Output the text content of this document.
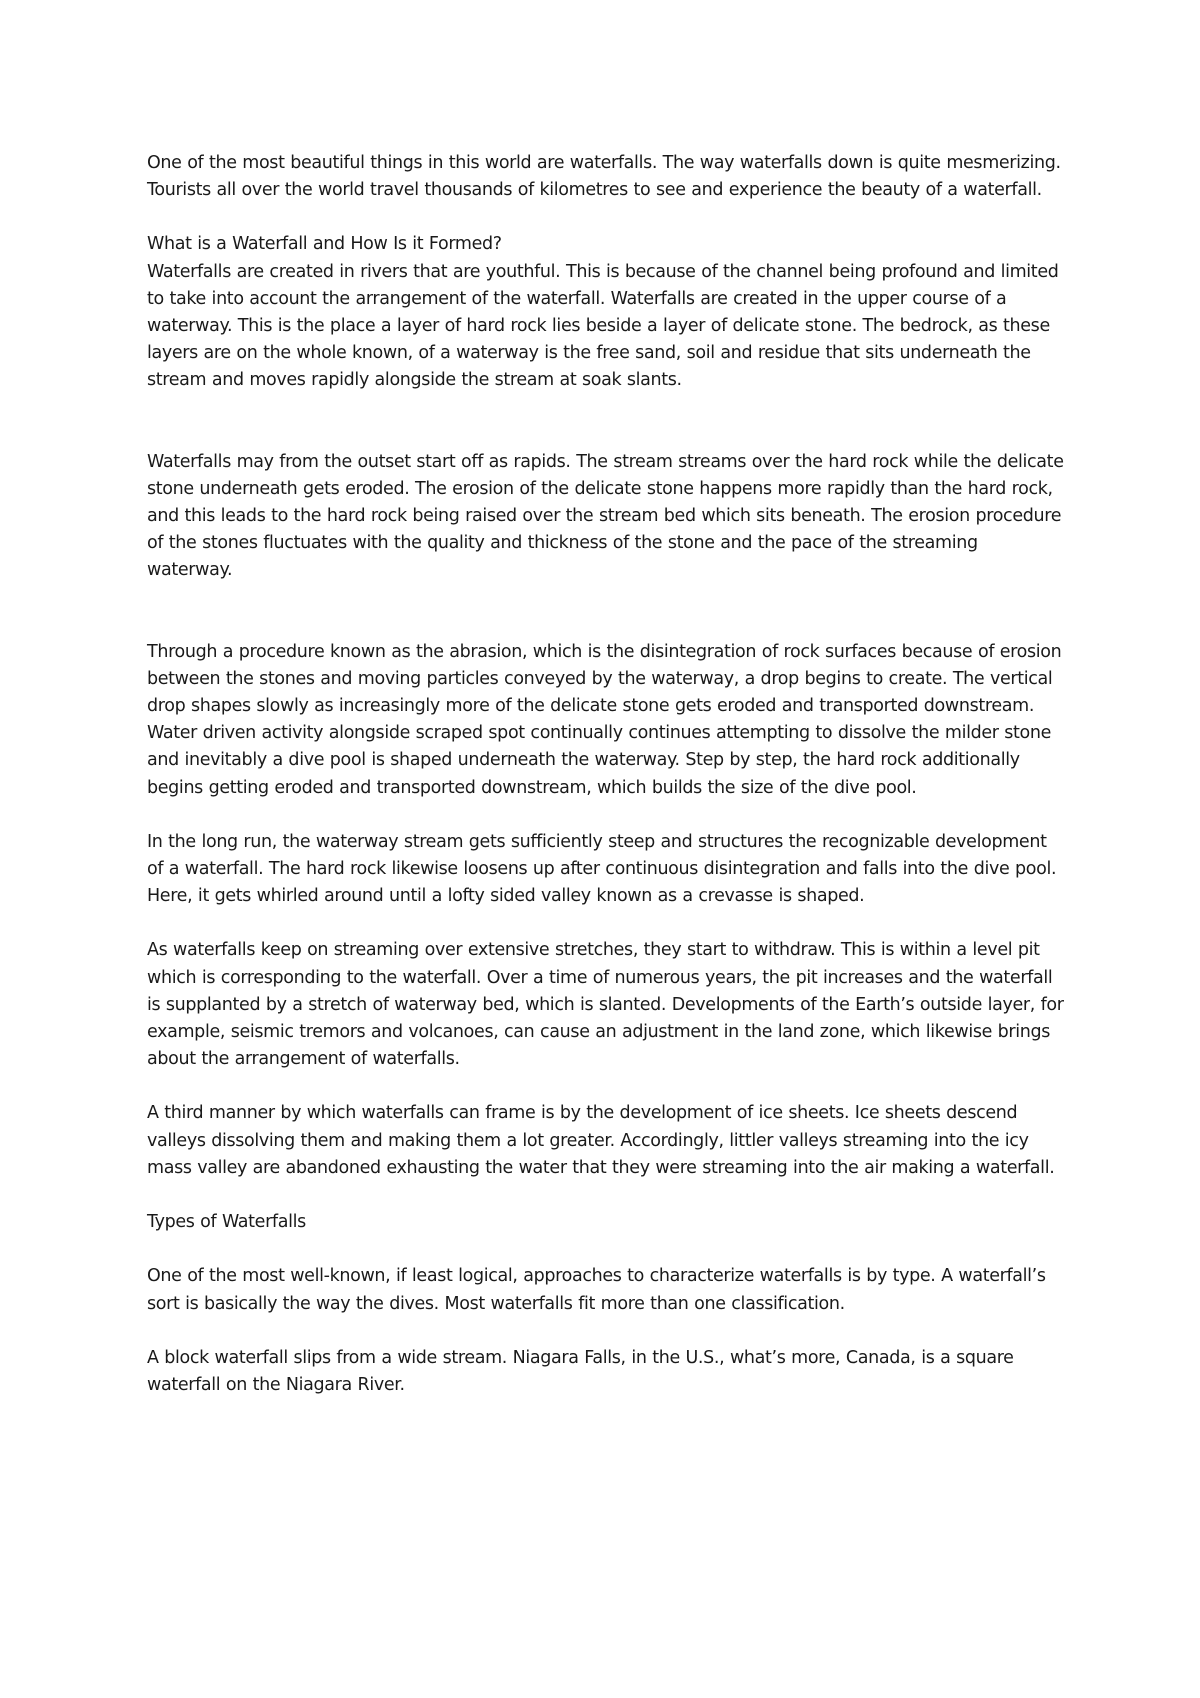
One of the most beautiful things in this world are waterfalls. The way waterfalls down is quite mesmerizing. Tourists all over the world travel thousands of kilometres to see and experience the beauty of a waterfall.

What is a Waterfall and How Is it Formed?

Waterfalls are created in rivers that are youthful. This is because of the channel being profound and limited to take into account the arrangement of the waterfall. Waterfalls are created in the upper course of a waterway. This is the place a layer of hard rock lies beside a layer of delicate stone. The bedrock, as these layers are on the whole known, of a waterway is the free sand, soil and residue that sits underneath the stream and moves rapidly alongside the stream at soak slants.

Waterfalls may from the outset start off as rapids. The stream streams over the hard rock while the delicate stone underneath gets eroded. The erosion of the delicate stone happens more rapidly than the hard rock, and this leads to the hard rock being raised over the stream bed which sits beneath. The erosion procedure of the stones fluctuates with the quality and thickness of the stone and the pace of the streaming waterway.

Through a procedure known as the abrasion, which is the disintegration of rock surfaces because of erosion between the stones and moving particles conveyed by the waterway, a drop begins to create. The vertical drop shapes slowly as increasingly more of the delicate stone gets eroded and transported downstream. Water driven activity alongside scraped spot continually continues attempting to dissolve the milder stone and inevitably a dive pool is shaped underneath the waterway. Step by step, the hard rock additionally begins getting eroded and transported downstream, which builds the size of the dive pool.

In the long run, the waterway stream gets sufficiently steep and structures the recognizable development of a waterfall. The hard rock likewise loosens up after continuous disintegration and falls into the dive pool. Here, it gets whirled around until a lofty sided valley known as a crevasse is shaped.

As waterfalls keep on streaming over extensive stretches, they start to withdraw. This is within a level pit which is corresponding to the waterfall. Over a time of numerous years, the pit increases and the waterfall is supplanted by a stretch of waterway bed, which is slanted. Developments of the Earth’s outside layer, for example, seismic tremors and volcanoes, can cause an adjustment in the land zone, which likewise brings about the arrangement of waterfalls.

A third manner by which waterfalls can frame is by the development of ice sheets. Ice sheets descend valleys dissolving them and making them a lot greater. Accordingly, littler valleys streaming into the icy mass valley are abandoned exhausting the water that they were streaming into the air making a waterfall.

Types of Waterfalls

One of the most well-known, if least logical, approaches to characterize waterfalls is by type. A waterfall’s sort is basically the way the dives. Most waterfalls fit more than one classification.

A block waterfall slips from a wide stream. Niagara Falls, in the U.S., what’s more, Canada, is a square waterfall on the Niagara River.
